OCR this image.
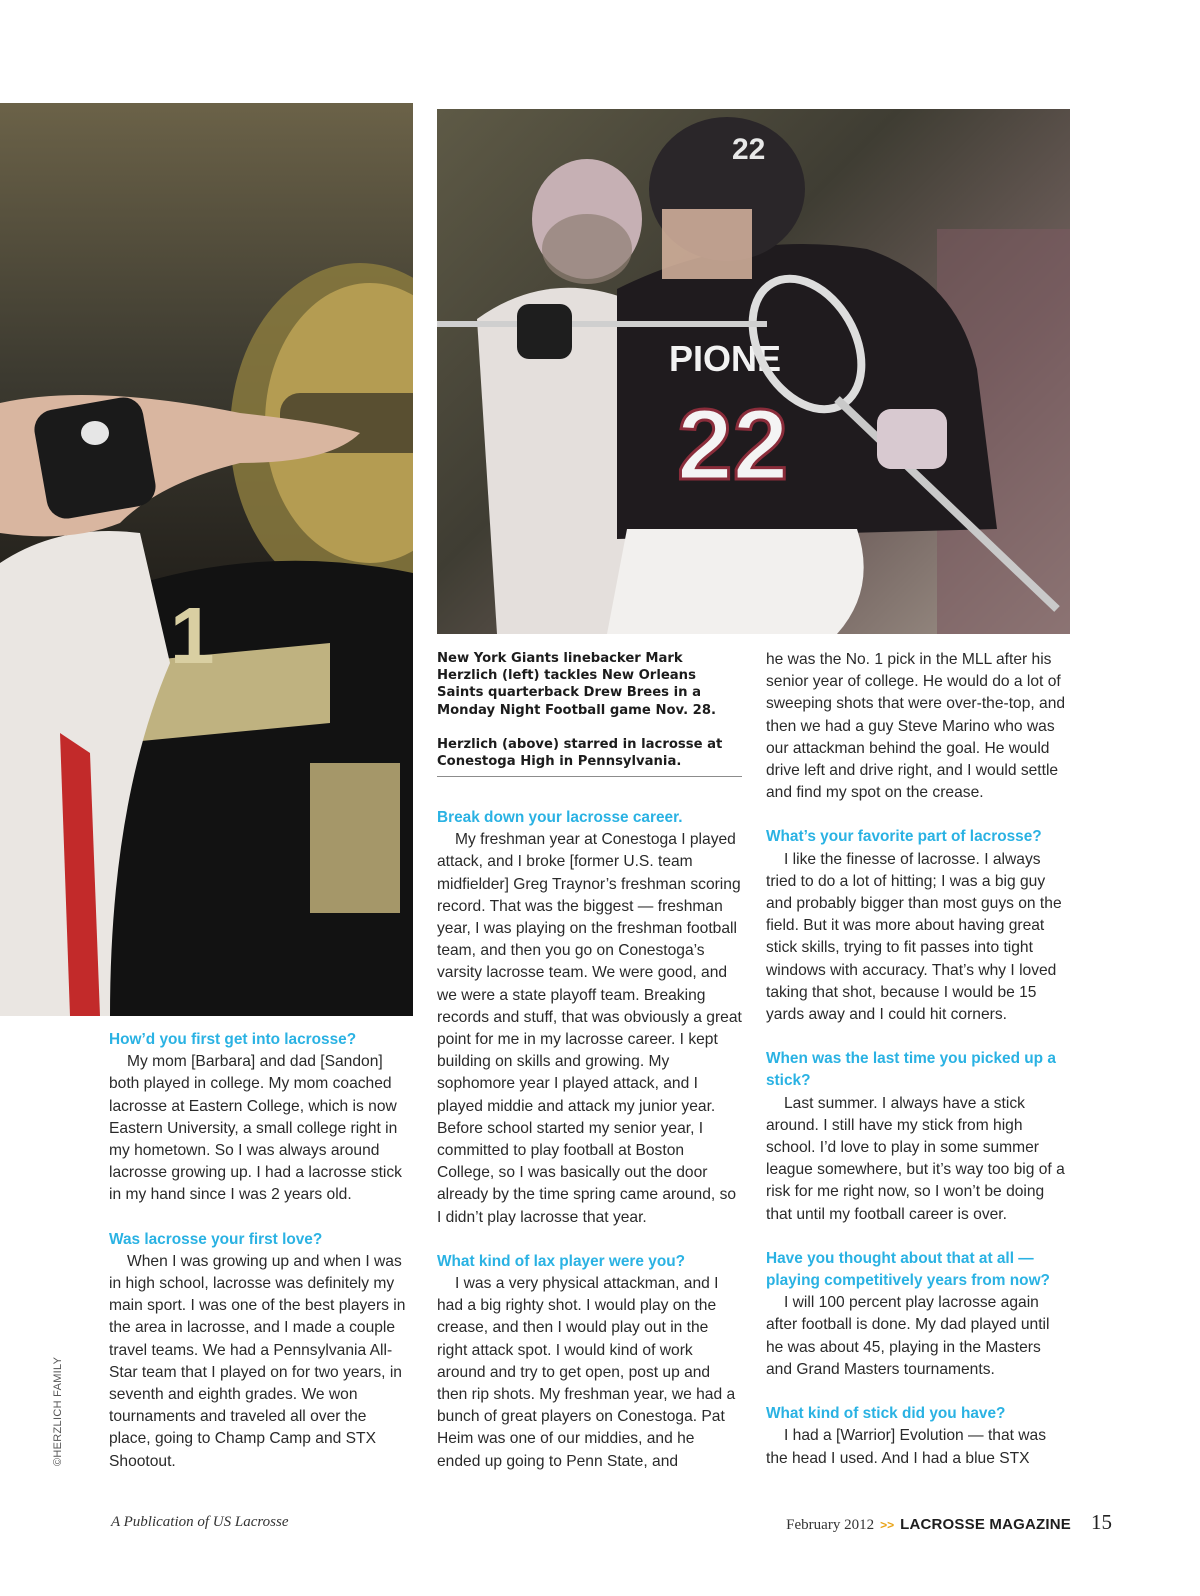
1
22
PIONE
22

New York Giants linebacker Mark Herzlich (left) tackles New Orleans Saints quarterback Drew Brees in a Monday Night Football game Nov. 28.

Herzlich (above) starred in lacrosse at Conestoga High in Pennsylvania.

How’d you first get into lacrosse?

My mom [Barbara] and dad [Sandon] both played in college. My mom coached lacrosse at Eastern College, which is now Eastern University, a small college right in my hometown. So I was always around lacrosse growing up. I had a lacrosse stick in my hand since I was 2 years old.

Was lacrosse your first love?

When I was growing up and when I was in high school, lacrosse was definitely my main sport. I was one of the best players in the area in lacrosse, and I made a couple travel teams. We had a Pennsylvania All-Star team that I played on for two years, in seventh and eighth grades. We won tournaments and traveled all over the place, going to Champ Camp and STX Shootout.

Break down your lacrosse career.

My freshman year at Conestoga I played attack, and I broke [former U.S. team midfielder] Greg Traynor’s freshman scoring record. That was the biggest — freshman year, I was playing on the freshman football team, and then you go on Conestoga’s varsity lacrosse team. We were good, and we were a state playoff team. Breaking records and stuff, that was obviously a great point for me in my lacrosse career. I kept building on skills and growing. My sophomore year I played attack, and I played middie and attack my junior year. Before school started my senior year, I committed to play football at Boston College, so I was basically out the door already by the time spring came around, so I didn’t play lacrosse that year.

What kind of lax player were you?

I was a very physical attackman, and I had a big righty shot. I would play on the crease, and then I would play out in the right attack spot. I would kind of work around and try to get open, post up and then rip shots. My freshman year, we had a bunch of great players on Conestoga. Pat Heim was one of our middies, and he ended up going to Penn State, and

he was the No. 1 pick in the MLL after his senior year of college. He would do a lot of sweeping shots that were over-the-top, and then we had a guy Steve Marino who was our attackman behind the goal. He would drive left and drive right, and I would settle and find my spot on the crease.

What’s your favorite part of lacrosse?

I like the finesse of lacrosse. I always tried to do a lot of hitting; I was a big guy and probably bigger than most guys on the field. But it was more about having great stick skills, trying to fit passes into tight windows with accuracy. That’s why I loved taking that shot, because I would be 15 yards away and I could hit corners.

When was the last time you picked up a stick?

Last summer. I always have a stick around. I still have my stick from high school. I’d love to play in some summer league somewhere, but it’s way too big of a risk for me right now, so I won’t be doing that until my football career is over.

Have you thought about that at all — playing competitively years from now?

I will 100 percent play lacrosse again after football is done. My dad played until he was about 45, playing in the Masters and Grand Masters tournaments.

What kind of stick did you have?

I had a [Warrior] Evolution — that was the head I used. And I had a blue STX

©HERZLICH FAMILY
A Publication of US Lacrosse	February 2012 >> LACROSSE MAGAZINE 15
